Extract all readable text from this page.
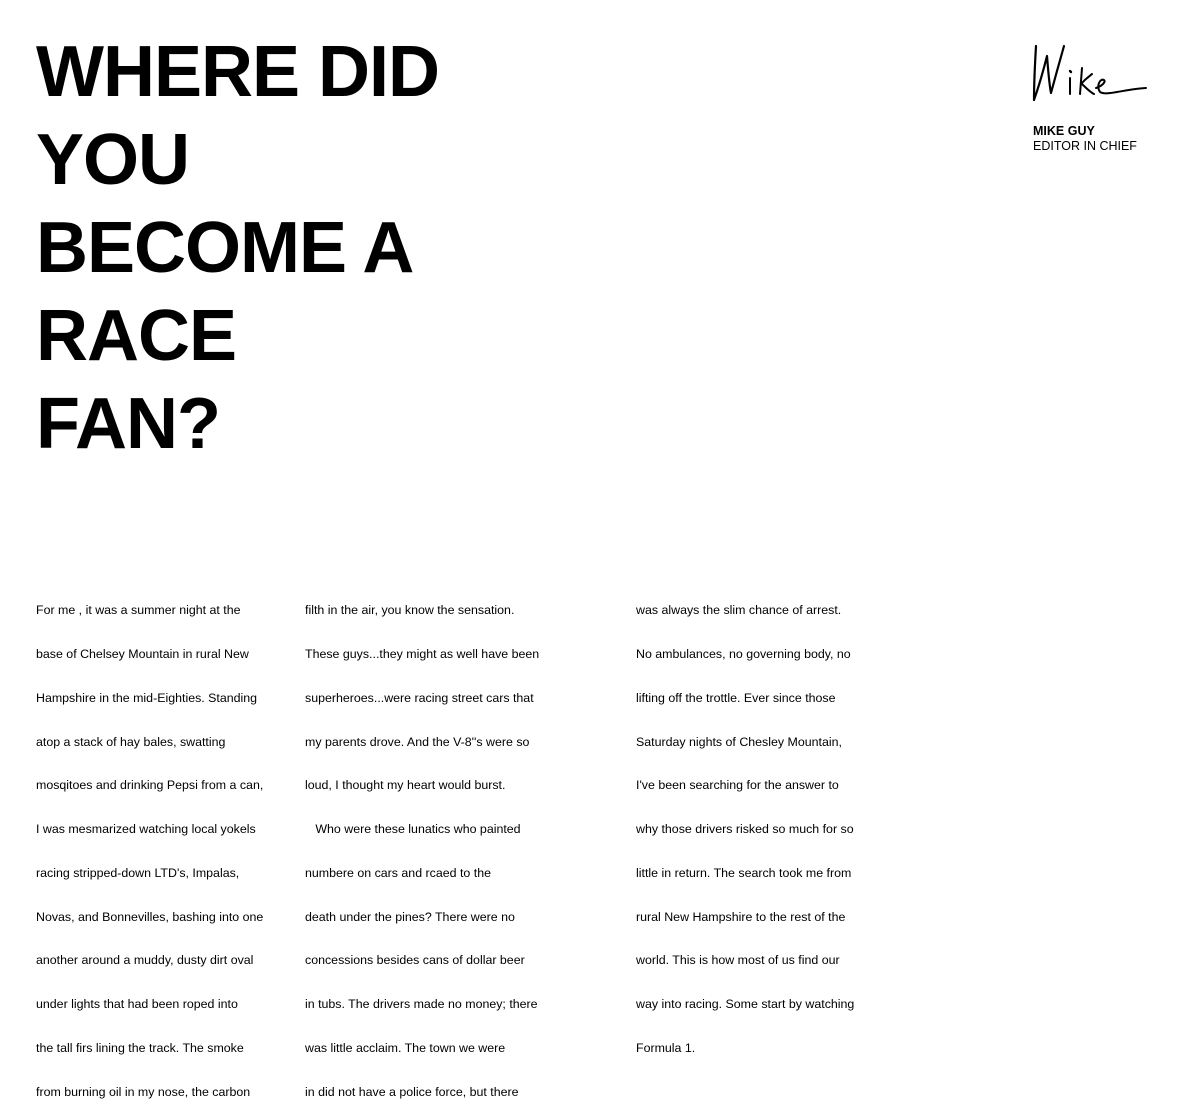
WHERE DID
YOU
BECOME A
RACE
FAN?
MIKE GUY
EDITOR IN CHIEF

For me , it was a summer night at the

base of Chelsey Mountain in rural New

Hampshire in the mid-Eighties. Standing

atop a stack of hay bales, swatting

mosqitoes and drinking Pepsi from a can,

I was mesmarized watching local yokels

racing stripped-down LTD's, Impalas,

Novas, and Bonnevilles, bashing into one

another around a muddy, dusty dirt oval

under lights that had been roped into

the tall firs lining the track. The smoke

from burning oil in my nose, the carbon

filth in the air, you know the sensation.

These guys...they might as well have been

superheroes...were racing street cars that

my parents drove. And the V-8''s were so

loud, I thought my heart would burst.

Who were these lunatics who painted

numbere on cars and rcaed to the

death under the pines? There were no

concessions besides cans of dollar beer

in tubs. The drivers made no money; there

was little acclaim. The town we were

in did not have a police force, but there

was always the slim chance of arrest.

No ambulances, no governing body, no

lifting off the trottle. Ever since those

Saturday nights of Chesley Mountain,

I've been searching for the answer to

why those drivers risked so much for so

little in return. The search took me from

rural New Hampshire to the rest of the

world. This is how most of us find our

way into racing. Some start by watching

Formula 1.
